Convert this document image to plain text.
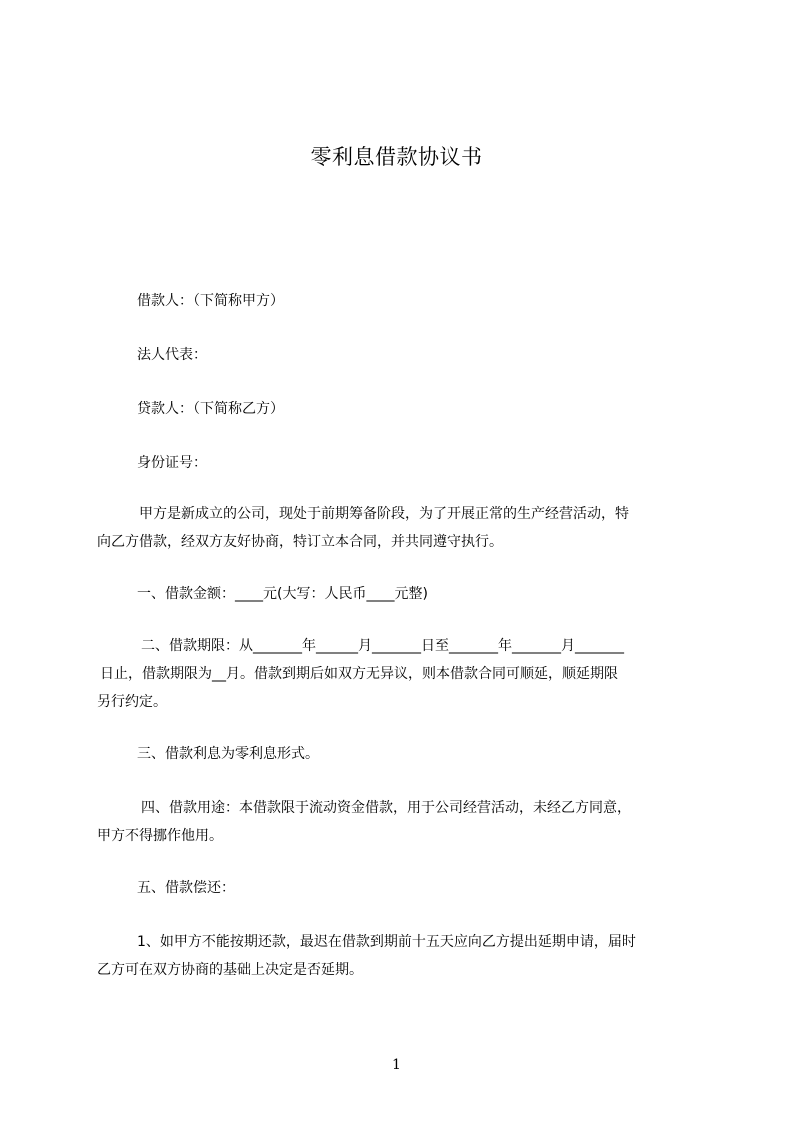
零利息借款协议书
借款人：（下简称甲方）
法人代表：
贷款人：（下简称乙方）
身份证号：
甲方是新成立的公司，现处于前期筹备阶段，为了开展正常的生产经营活动，特
向乙方借款，经双方友好协商，特订立本合同，并共同遵守执行。
一、借款金额：____元(大写：人民币____元整)
二、借款期限：从_______年______月_______日至_______年_______月_______
日止，借款期限为__月。借款到期后如双方无异议，则本借款合同可顺延，顺延期限
另行约定。
三、借款利息为零利息形式。
四、借款用途：本借款限于流动资金借款，用于公司经营活动，未经乙方同意，
甲方不得挪作他用。
五、借款偿还：
1、如甲方不能按期还款，最迟在借款到期前十五天应向乙方提出延期申请，届时
乙方可在双方协商的基础上决定是否延期。
1
